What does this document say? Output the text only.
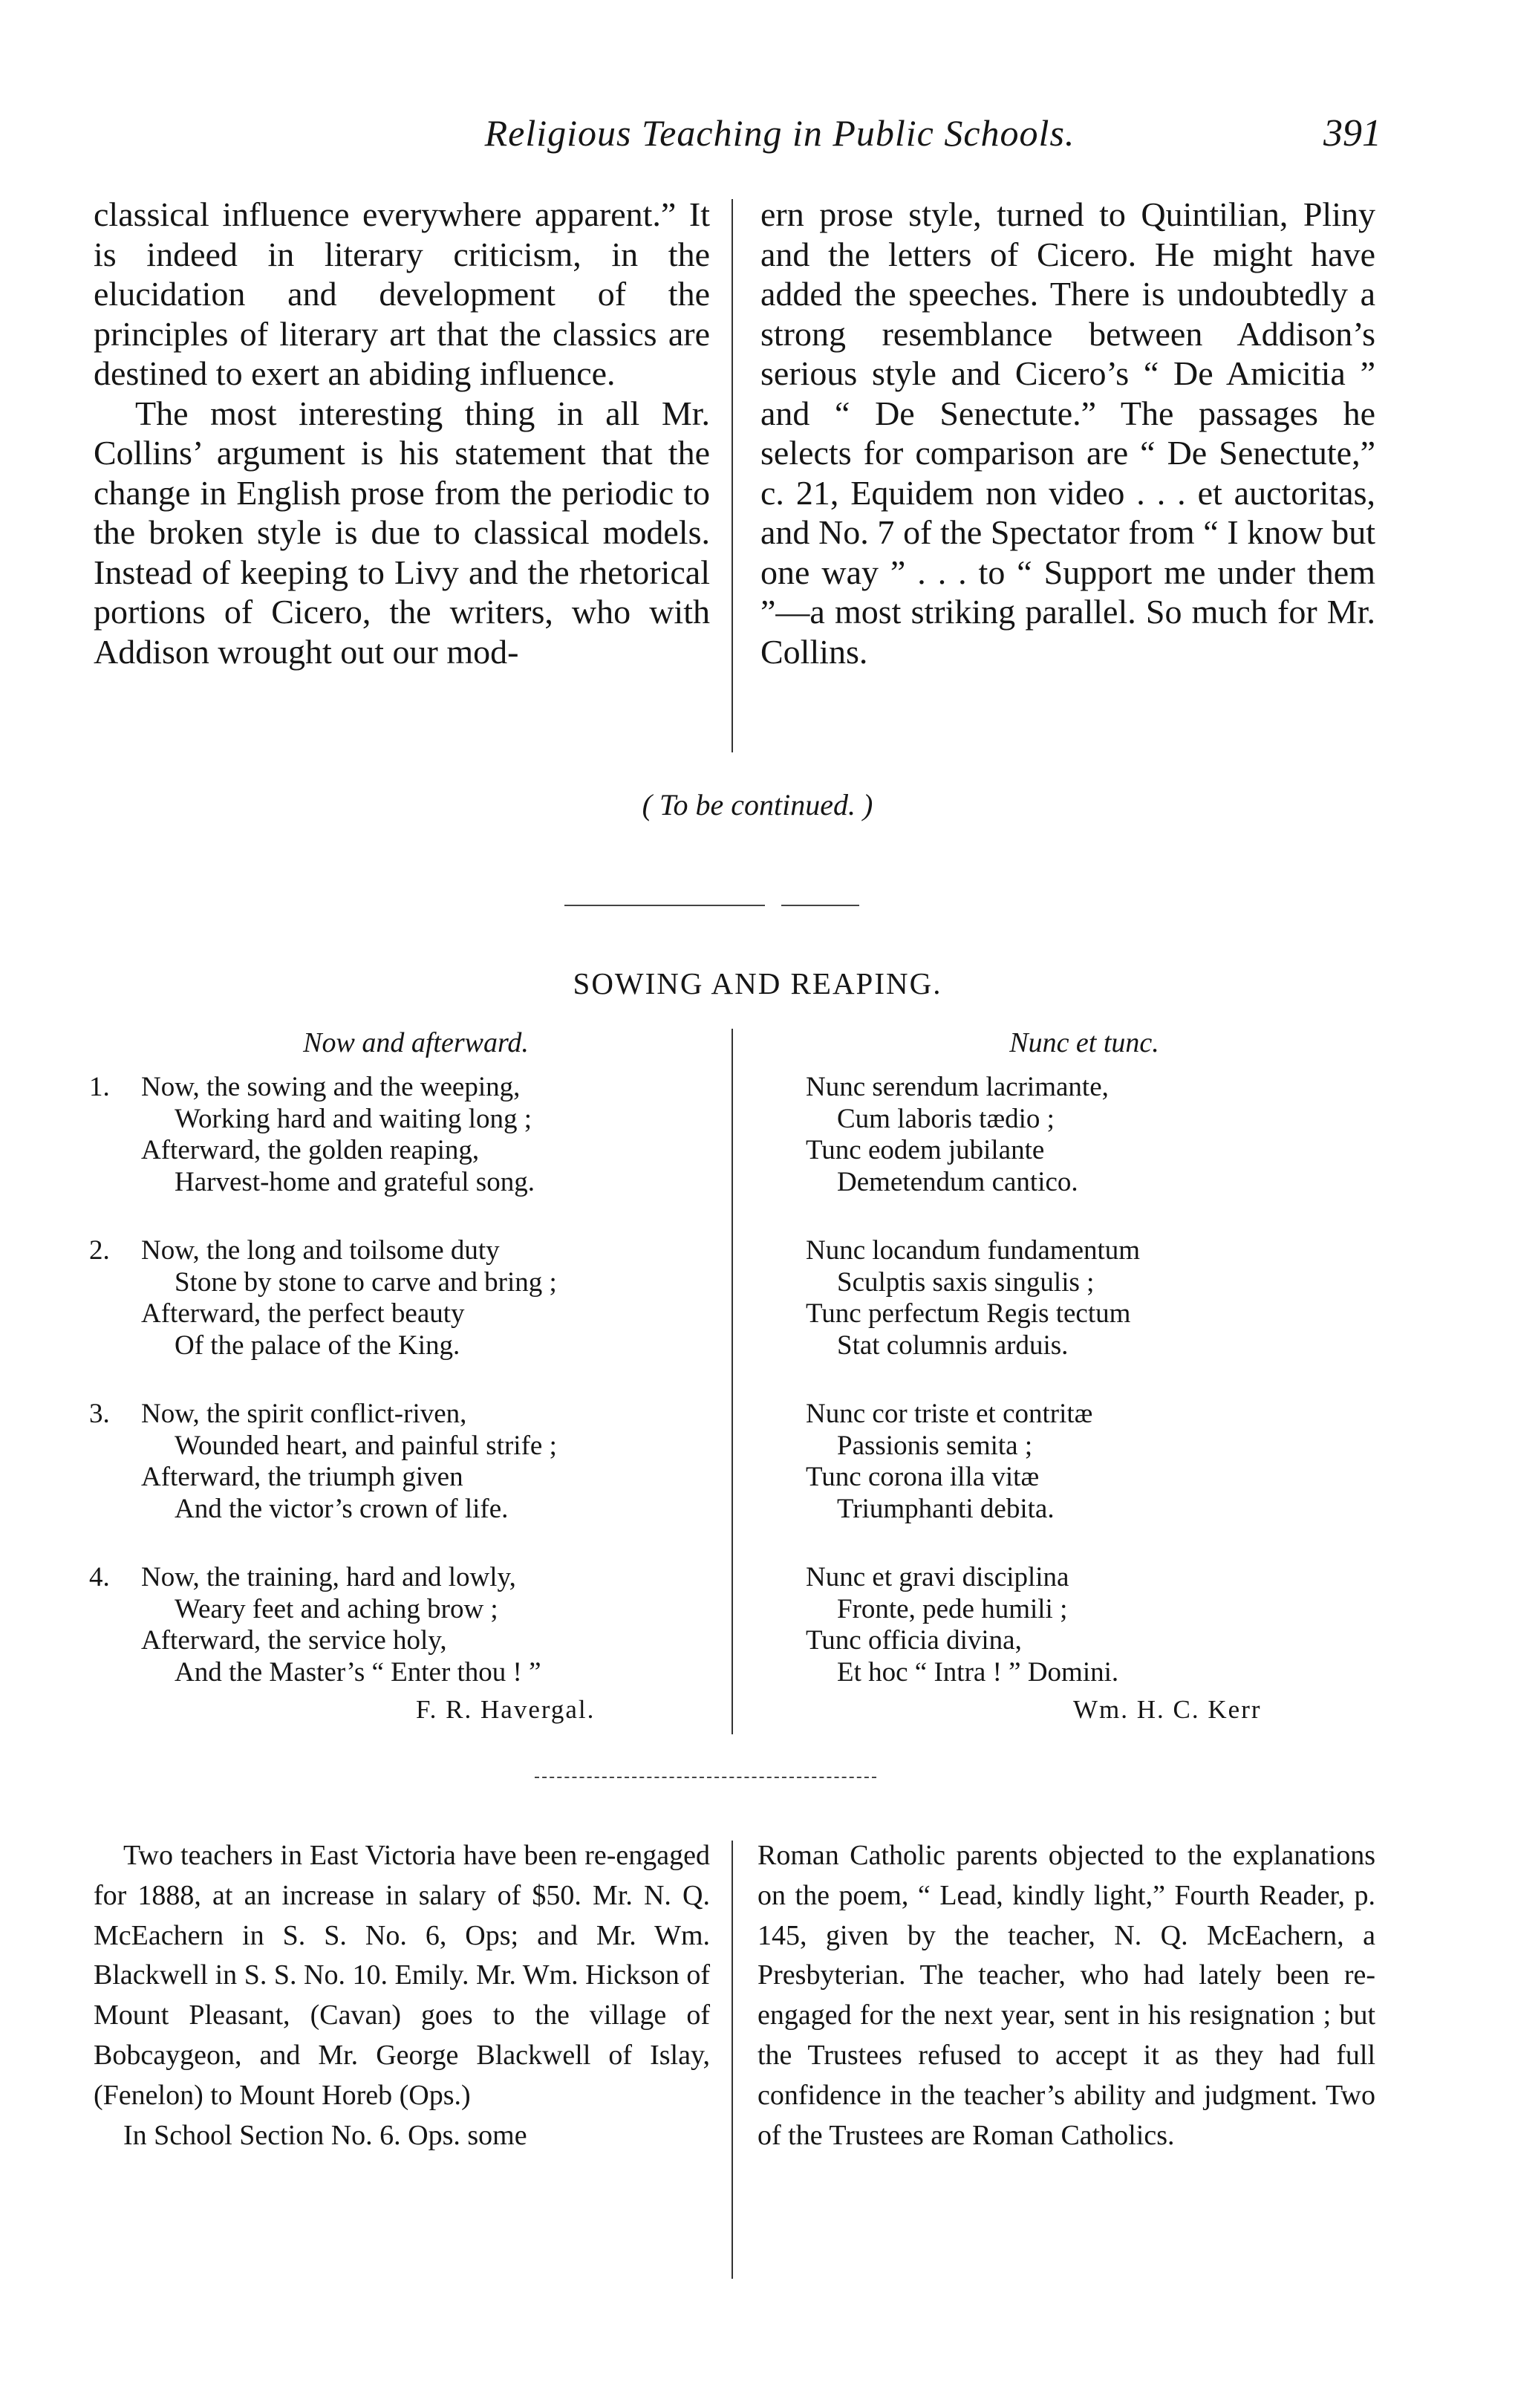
Religious Teaching in Public Schools.	391

classical influence everywhere apparent.” It is indeed in literary criticism, in the elucidation and development of the principles of literary art that the classics are destined to exert an abiding influence.

The most interesting thing in all Mr. Collins’ argument is his statement that the change in English prose from the periodic to the broken style is due to classical models. Instead of keeping to Livy and the rhetorical portions of Cicero, the writers, who with Addison wrought out our mod-

ern prose style, turned to Quintilian, Pliny and the letters of Cicero. He might have added the speeches. There is undoubtedly a strong resemblance between Addison’s serious style and Cicero’s “ De Amicitia ” and “ De Senectute.” The passages he selects for comparison are “ De Senectute,” c. 21, Equidem non video . . . et auctoritas, and No. 7 of the Spectator from “ I know but one way ” . . . to “ Support me under them ”—a most striking parallel. So much for Mr. Collins.

( To be continued. )
SOWING AND REAPING.
Now and afterward.	Nunc et tunc.
1.	Now, the sowing and the weeping,
Working hard and waiting long ;
Afterward, the golden reaping,
Harvest-home and grateful song.
2.	Now, the long and toilsome duty
Stone by stone to carve and bring ;
Afterward, the perfect beauty
Of the palace of the King.
3.	Now, the spirit conflict-riven,
Wounded heart, and painful strife ;
Afterward, the triumph given
And the victor’s crown of life.
4.	Now, the training, hard and lowly,
Weary feet and aching brow ;
Afterward, the service holy,
And the Master’s “ Enter thou ! ”
F. R. Havergal.
Nunc serendum lacrimante,
Cum laboris tædio ;
Tunc eodem jubilante
Demetendum cantico.
Nunc locandum fundamentum
Sculptis saxis singulis ;
Tunc perfectum Regis tectum
Stat columnis arduis.
Nunc cor triste et contritæ
Passionis semita ;
Tunc corona illa vitæ
Triumphanti debita.
Nunc et gravi disciplina
Fronte, pede humili ;
Tunc officia divina,
Et hoc “ Intra ! ” Domini.
Wm. H. C. Kerr

Two teachers in East Victoria have been re-engaged for 1888, at an increase in salary of $50. Mr. N. Q. McEachern in S. S. No. 6, Ops; and Mr. Wm. Blackwell in S. S. No. 10. Emily. Mr. Wm. Hickson of Mount Pleasant, (Cavan) goes to the village of Bobcaygeon, and Mr. George Blackwell of Islay, (Fenelon) to Mount Horeb (Ops.)

In School Section No. 6. Ops. some

Roman Catholic parents objected to the explanations on the poem, “ Lead, kindly light,” Fourth Reader, p. 145, given by the teacher, N. Q. McEachern, a Presbyterian. The teacher, who had lately been re-engaged for the next year, sent in his resignation ; but the Trustees refused to accept it as they had full confidence in the teacher’s ability and judgment. Two of the Trustees are Roman Catholics.
